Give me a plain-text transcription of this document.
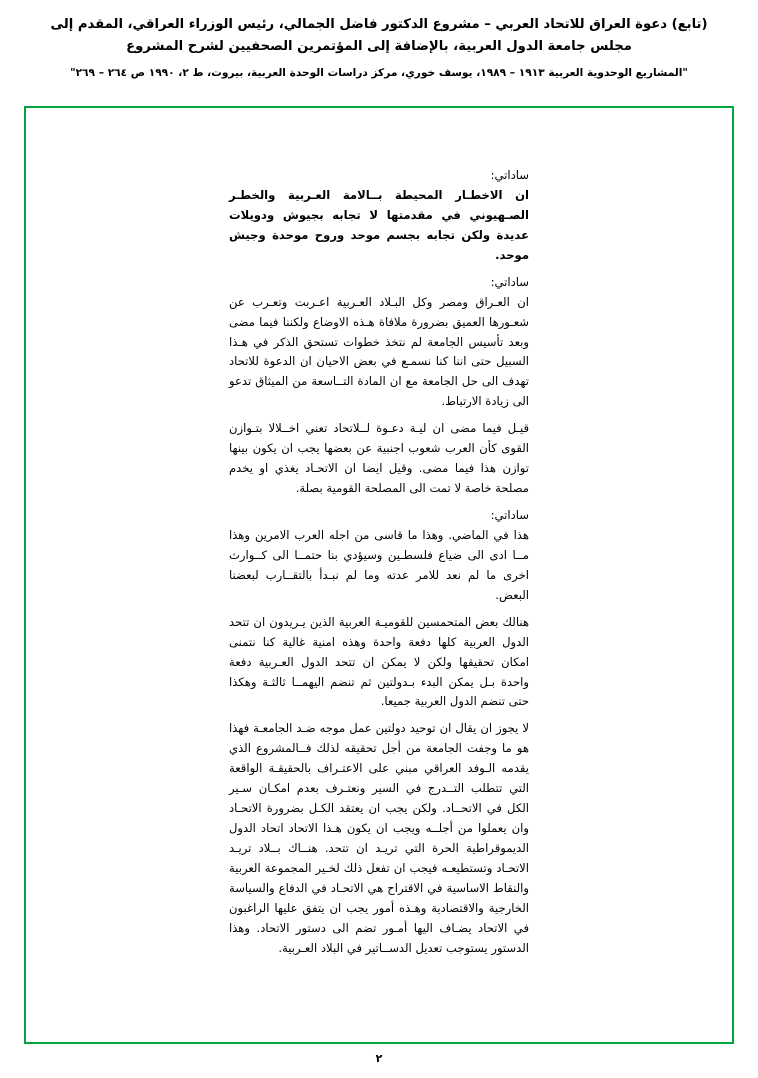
(تابع) دعوة العراق للاتحاد العربي – مشروع الدكتور فاضل الجمالي، رئيس الوزراء العراقي، المقدم إلى مجلس جامعة الدول العربية، بالإضافة إلى المؤتمرين الصحفيين لشرح المشروع
"المشاريع الوحدوية العربية ١٩١٣ – ١٩٨٩، يوسف خوري، مركز دراسات الوحدة العربية، بيروت، ط ٢، ١٩٩٠ ص ٢٦٤ – ٢٦٩"

ساداتي:

ان الاخطـار المحيطة بــالامة العـربية والخطـر الصـهيوني في مقدمتها لا تجابه بجيوش ودويلات عديدة ولكن تجابه بجسم موحد وروح موحدة وجيش موحد.

ساداتي:

ان العـراق ومصر وكل البـلاد العـربية اعـربت وتعـرب عن شعـورها العميق بضرورة ملافاة هـذه الاوضاع ولكننا فيما مضى وبعد تأسيس الجامعة لم نتخذ خطوات تستحق الذكر في هـذا السبيل حتى اننا كنا نسمـع في بعض الاحيان ان الدعوة للاتحاد تهدف الى حل الجامعة مع ان المادة التــاسعة من الميثاق تدعو الى زيادة الارتباط.

قيـل فيما مضى ان ليـة دعـوة لــلاتحاد تعني اخــلالا بتـوازن القوى كأن العرب شعوب اجنبية عن بعضها يجب ان يكون بينها توازن هذا فيما مضى. وقيل ايضا ان الاتحـاد يغذي او يخدم مصلحة خاصة لا تمت الى المصلحة القومية بصلة.

ساداتي:

هذا في الماضي. وهذا ما قاسى من اجله العرب الامرين وهذا مــا ادى الى ضياع فلسطـين وسيؤدي بنا حتمــا الى كــوارث اخرى ما لم نعد للامر عدته وما لم نبـدأ بالتقــارب لبعضنا البعض.

هنالك بعض المتحمسين للقوميـة العربية الذين يـريدون ان تتحد الدول العربية كلها دفعة واحدة وهذه امنية غالية كنا نتمنى امكان تحقيقها ولكن لا يمكن ان تتحد الدول العـربية دفعة واحدة بـل يمكن البدء بـدولتين ثم تنضم اليهمــا ثالثـة وهكذا حتى تنضم الدول العربية جميعا.

لا يجوز ان يقال ان توحيد دولتين عمل موجه ضـد الجامعـة فهذا هو ما وجفت الجامعة من أجل تحقيقه لذلك فــالمشروع الذي يقدمه الـوفد العراقي مبني على الاعتـراف بالحقيقـة الواقعة التي تتطلب التــدرج في السير ونعتـرف بعدم امكـان سـير الكل في الاتحــاد. ولكن يجب ان يعتقد الكـل بضرورة الاتحـاد وان يعملوا من أجلــه ويجب ان يكون هـذا الاتحاد اتحاد الدول الديموقراطية الحرة التي تريـد ان تتحد. هنــاك بــلاد تريـد الاتحـاد وتستطيعـه فيجب ان تفعل ذلك لخـير المجموعة العربية والنقاط الاساسية في الاقتراح هي الاتحـاد في الدفاع والسياسة الخارجية والاقتصادية وهـذه أمور يجب ان يتفق عليها الراغبون في الاتحاد يضـاف اليها أمـور تضم الى دستور الاتحاد. وهذا الدستور يستوجب تعديل الدســاتير في البلاد العـربية.

٢
